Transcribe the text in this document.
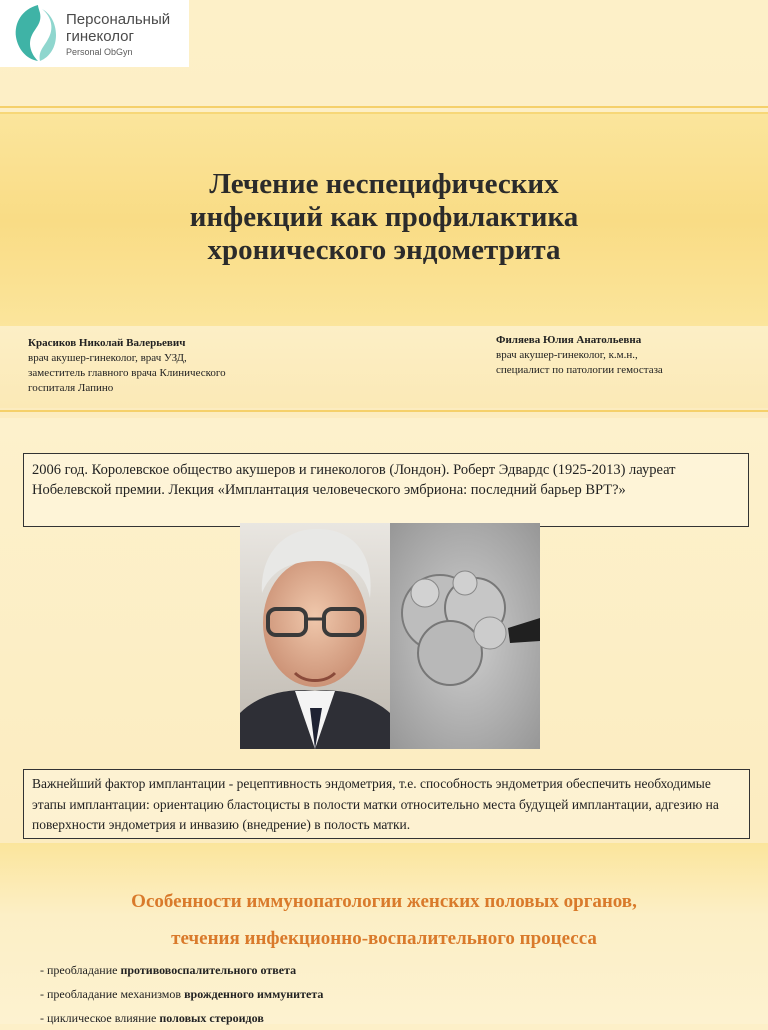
Персональный
гинеколог
Personal ObGyn
Лечение неспецифических
инфекций как профилактика
хронического эндометрита
Красиков Николай Валерьевич
врач акушер-гинеколог, врач УЗД,
заместитель главного врача Клинического
госпиталя Лапино
Филяева Юлия Анатольевна
врач акушер-гинеколог, к.м.н.,
специалист по патологии гемостаза
2006 год. Королевское общество акушеров и гинекологов (Лондон). Роберт Эдвардс (1925-2013) лауреат Нобелевской премии. Лекция «Имплантация человеческого эмбриона: последний барьер ВРТ?»
Важнейший фактор имплантации - рецептивность эндометрия, т.е. способность эндометрия обеспечить необходимые этапы имплантации: ориентацию бластоцисты в полости матки относительно места будущей имплантации, адгезию на поверхности эндометрия и инвазию (внедрение) в полость матки.
Особенности иммунопатологии женских половых органов,
течения инфекционно-воспалительного процесса
- преобладание противовоспалительного ответа
- преобладание механизмов врожденного иммунитета
- циклическое влияние половых стероидов
